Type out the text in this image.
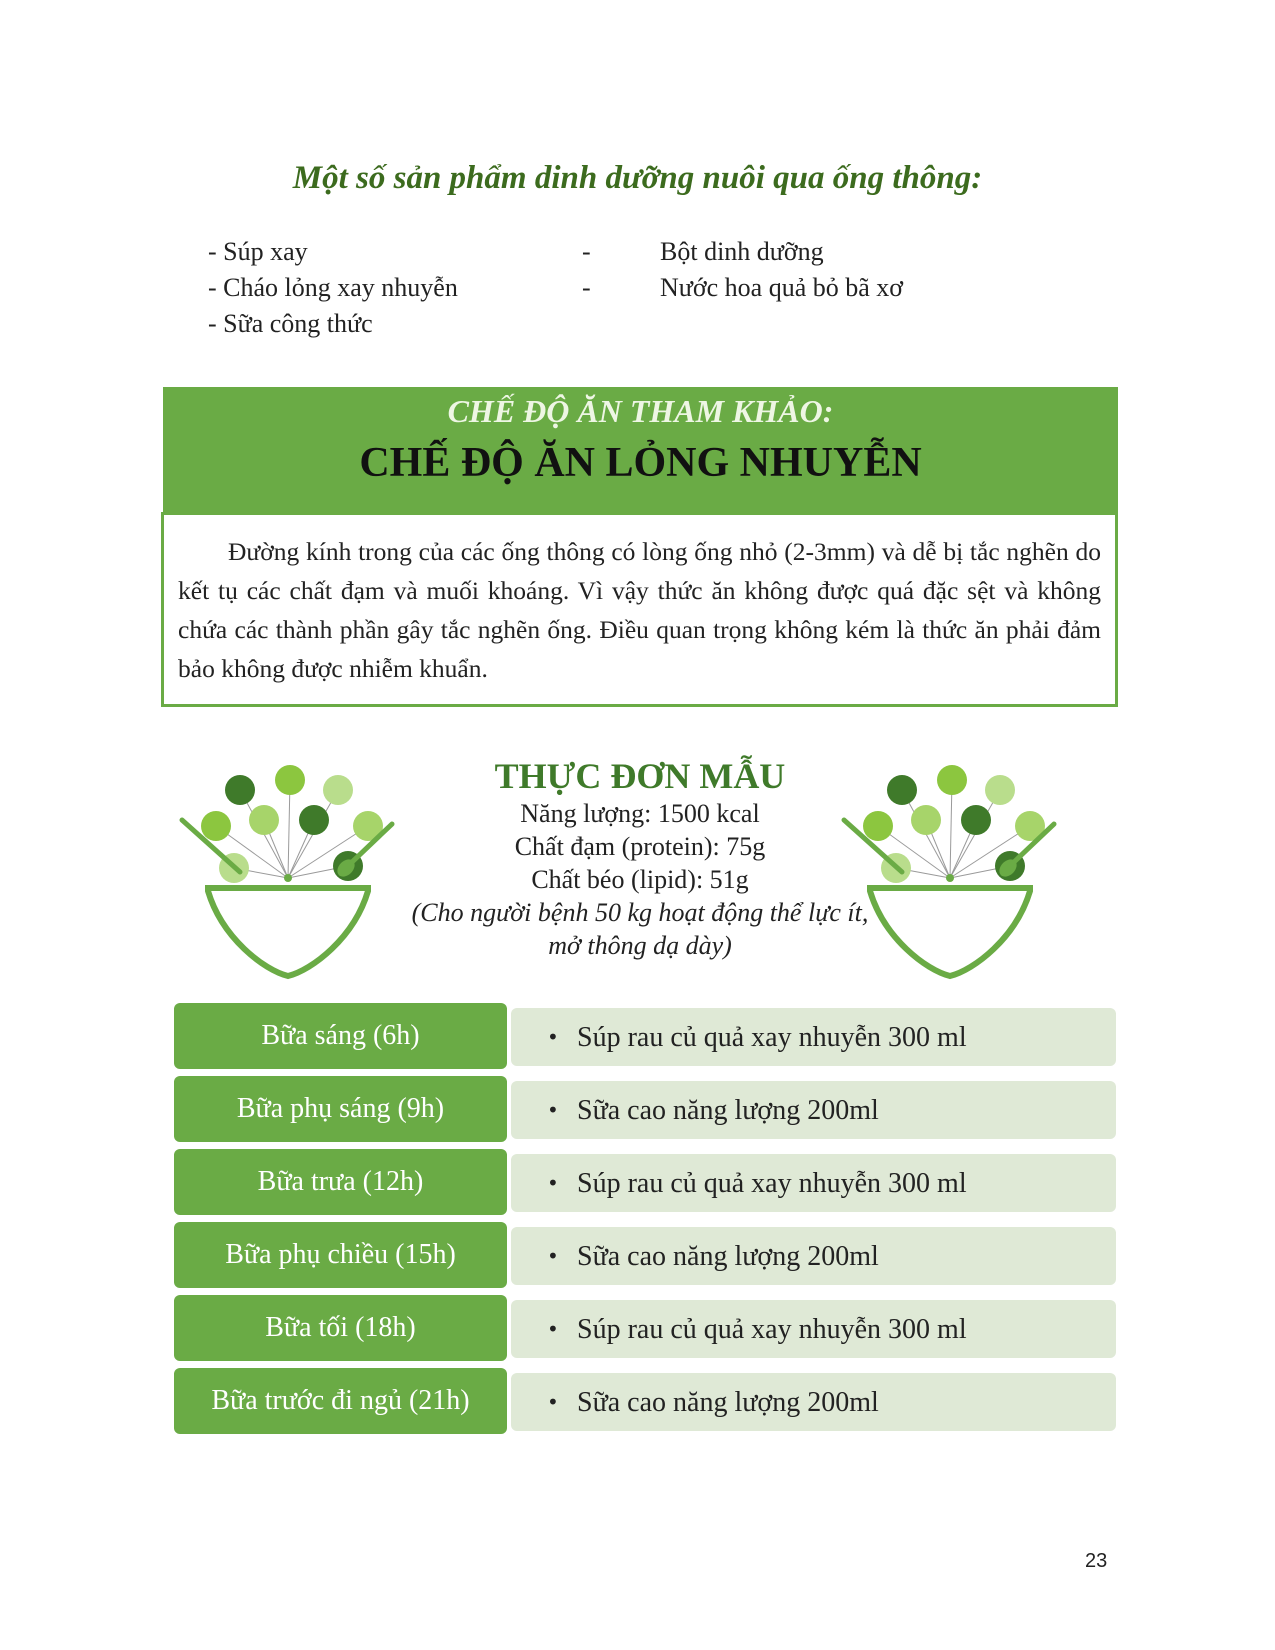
Một số sản phẩm dinh dưỡng nuôi qua ống thông:
- Súp xay
- Cháo lỏng xay nhuyễn
- Sữa công thức
-
-
Bột dinh dưỡng
Nước hoa quả bỏ bã xơ
CHẾ ĐỘ ĂN THAM KHẢO:
CHẾ ĐỘ ĂN LỎNG NHUYỄN

Đường kính trong của các ống thông có lòng ống nhỏ (2-3mm) và dễ bị tắc nghẽn do kết tụ các chất đạm và muối khoáng. Vì vậy thức ăn không được quá đặc sệt và không chứa các thành phần gây tắc nghẽn ống. Điều quan trọng không kém là thức ăn phải đảm bảo không được nhiễm khuẩn.

THỰC ĐƠN MẪU
Năng lượng: 1500 kcal
Chất đạm (protein): 75g
Chất béo (lipid): 51g
(Cho người bệnh 50 kg hoạt động thể lực ít,
mở thông dạ dày)
Bữa sáng (6h)	• Súp rau củ quả xay nhuyễn 300 ml
Bữa phụ sáng (9h)	• Sữa cao năng lượng 200ml
Bữa trưa (12h)	• Súp rau củ quả xay nhuyễn 300 ml
Bữa phụ chiều (15h)	• Sữa cao năng lượng 200ml
Bữa tối (18h)	• Súp rau củ quả xay nhuyễn 300 ml
Bữa trước đi ngủ (21h)	• Sữa cao năng lượng 200ml
23
